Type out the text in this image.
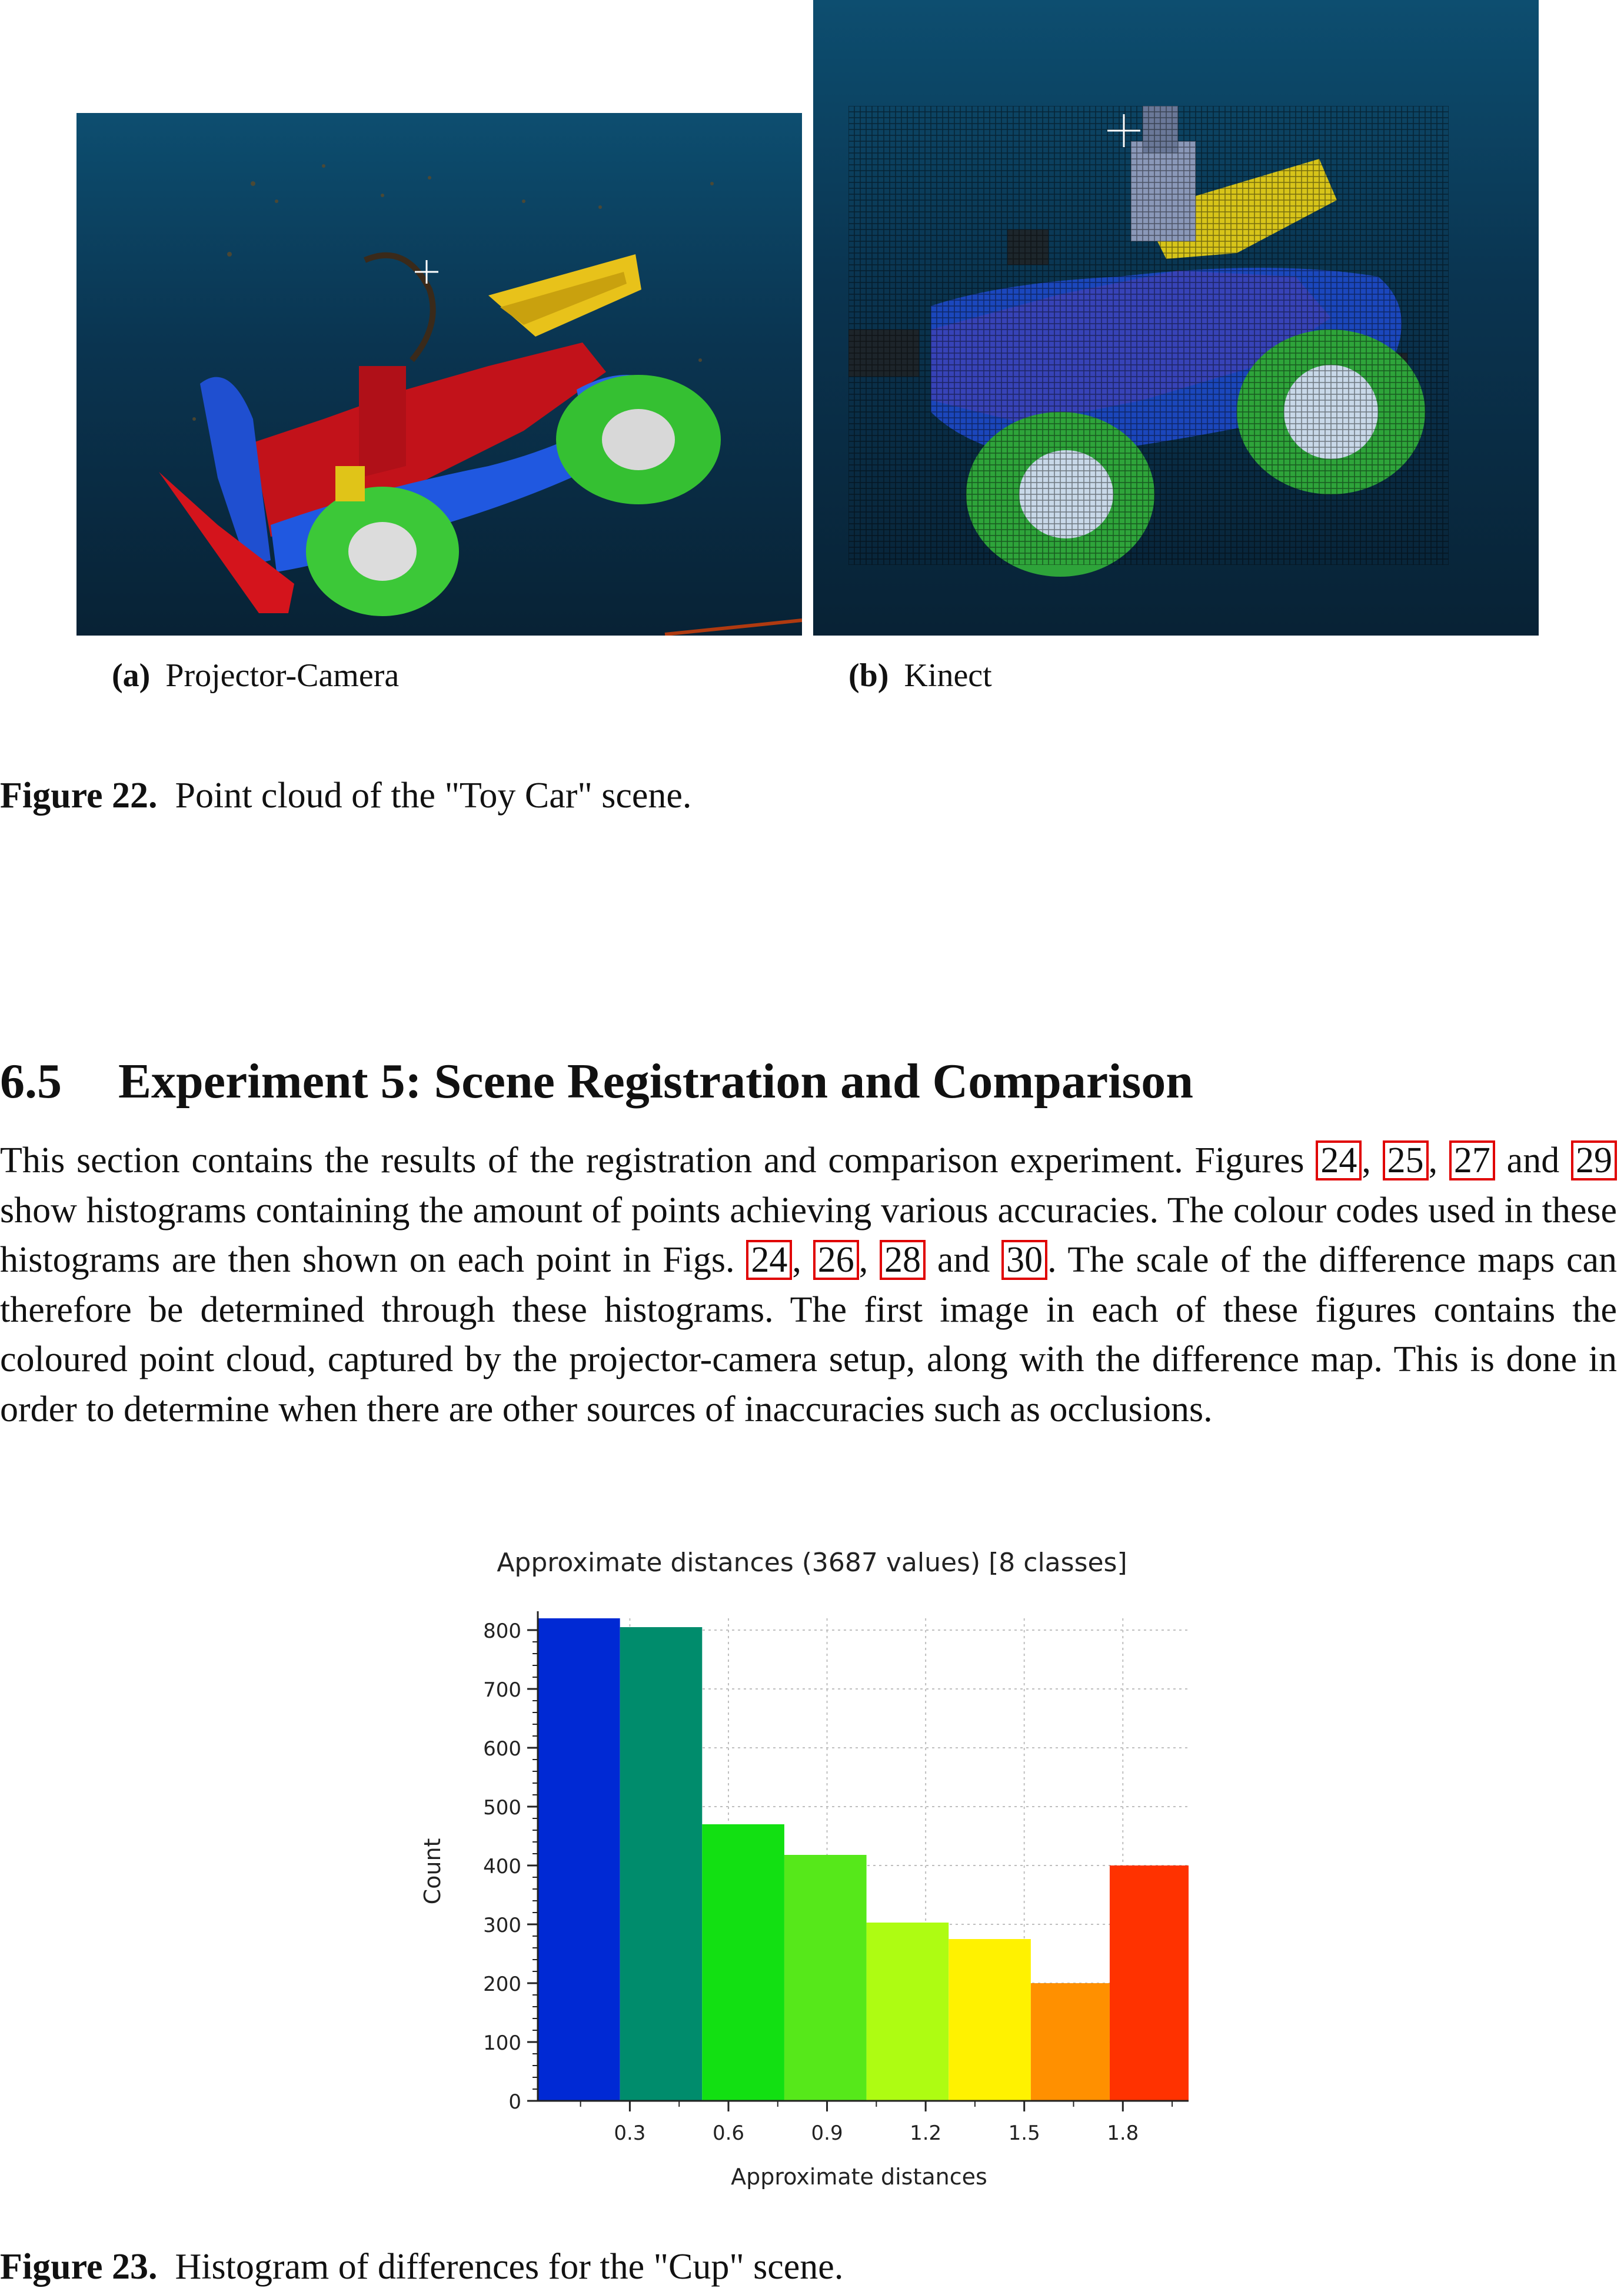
(a) Projector-Camera	(b) Kinect
Figure 22. Point cloud of the "Toy Car" scene.
6.5 Experiment 5: Scene Registration and Comparison
This section contains the results of the registration and comparison experiment. Figures 24 , 25 , 27 and 29 show histograms containing the amount of points achieving various accuracies. The colour codes used in these histograms are then shown on each point in Figs. 24 , 26 , 28 and 30 . The scale of the difference maps can therefore be determined through these histograms. The first image in each of these figures contains the coloured point cloud, captured by the projector-camera setup, along with the difference map. This is done in order to determine when there are other sources of inaccuracies such as occlusions.
Approximate distances (3687 values) [8 classes]
Approximate distances
Count
0
100
200
300
400
500
600
700
800
0.3	0.6	0.9	1.2	1.5	1.8
Figure 23. Histogram of differences for the "Cup" scene.
